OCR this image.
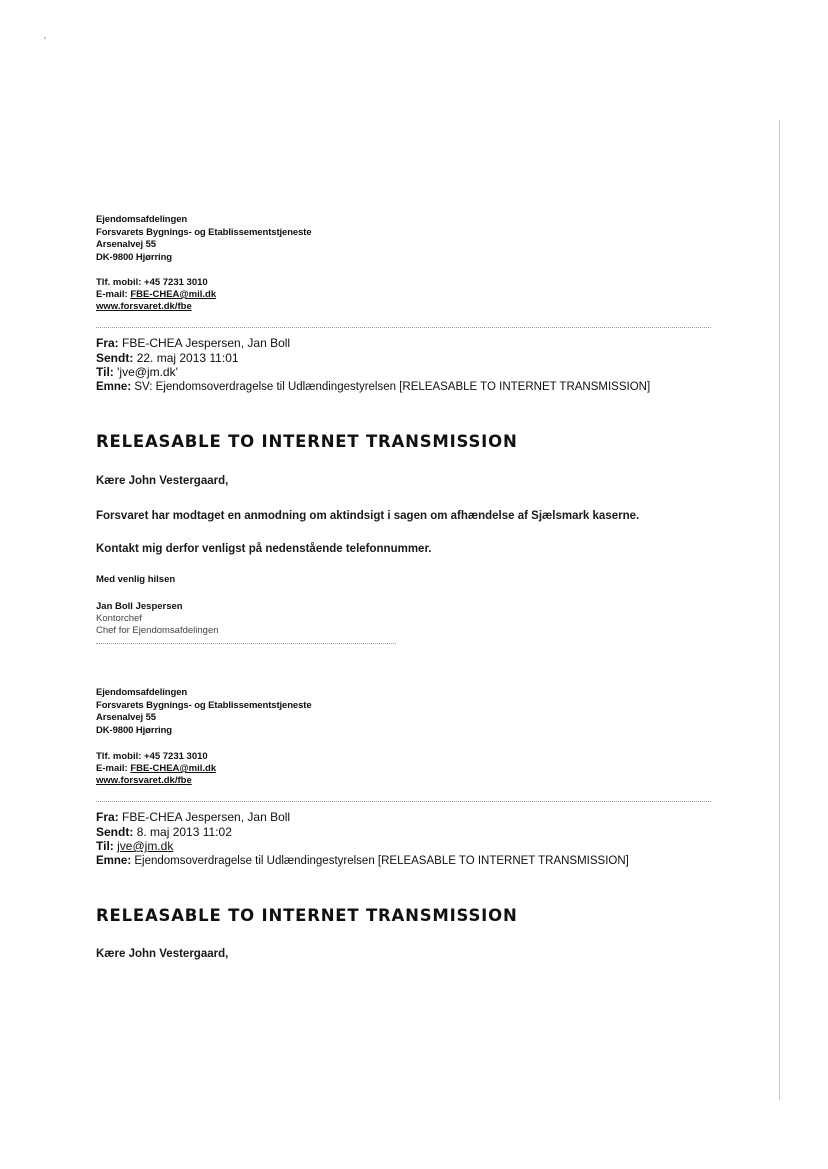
'
Ejendomsafdelingen
Forsvarets Bygnings- og Etablissementstjeneste
Arsenalvej 55
DK-9800 Hjørring
Tlf. mobil: +45 7231 3010
E-mail: FBE-CHEA@mil.dk
www.forsvaret.dk/fbe
Fra: FBE-CHEA Jespersen, Jan Boll
Sendt: 22. maj 2013 11:01
Til: 'jve@jm.dk'
Emne: SV: Ejendomsoverdragelse til Udlændingestyrelsen [RELEASABLE TO INTERNET TRANSMISSION]
RELEASABLE TO INTERNET TRANSMISSION
Kære John Vestergaard,
Forsvaret har modtaget en anmodning om aktindsigt i sagen om afhændelse af Sjælsmark kaserne.
Kontakt mig derfor venligst på nedenstående telefonnummer.
Med venlig hilsen
Jan Boll Jespersen
Kontorchef
Chef for Ejendomsafdelingen
Ejendomsafdelingen
Forsvarets Bygnings- og Etablissementstjeneste
Arsenalvej 55
DK-9800 Hjørring
Tlf. mobil: +45 7231 3010
E-mail: FBE-CHEA@mil.dk
www.forsvaret.dk/fbe
Fra: FBE-CHEA Jespersen, Jan Boll
Sendt: 8. maj 2013 11:02
Til: jve@jm.dk
Emne: Ejendomsoverdragelse til Udlændingestyrelsen [RELEASABLE TO INTERNET TRANSMISSION]
RELEASABLE TO INTERNET TRANSMISSION
Kære John Vestergaard,
